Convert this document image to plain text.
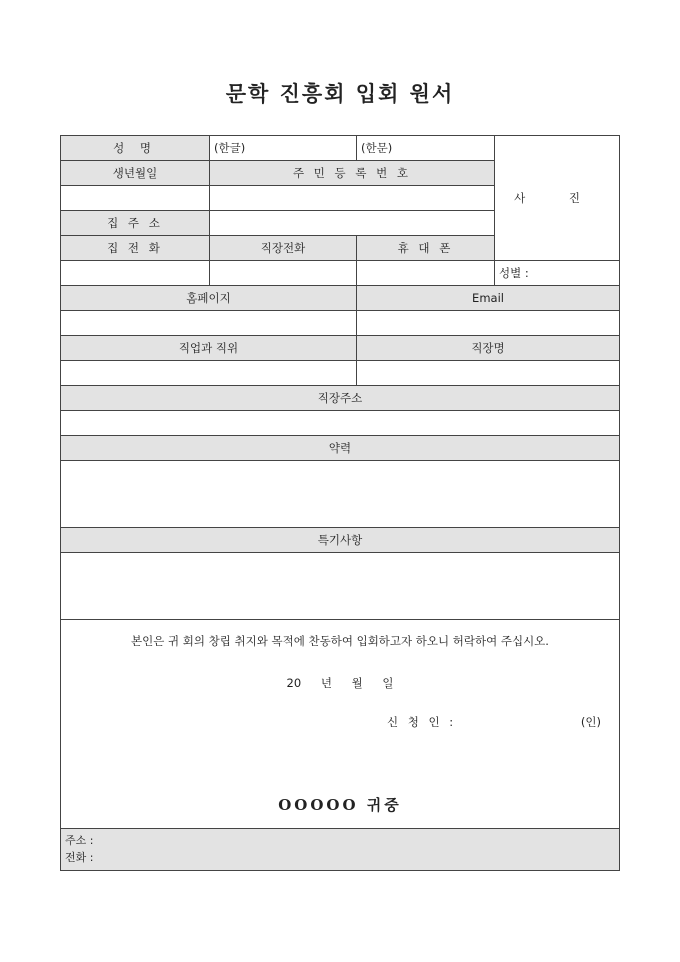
문학 진흥회 입회 원서
성 명	(한글)	(한문)	사 진
생년월일	주 민 등 록 번 호		

집 주 소			
집 전 화	직장전화	휴 대 폰	
			성별 :
홈페이지		Email	

직업과 직위		직장명	

직장주소			

약력			

특기사항			

본인은 귀 회의 창립 취지와 목적에 찬동하여 입회하고자 하오니 허락하여 주십시오.
20 년 월 일
신 청 인 : (인)
OOOOO 귀중			

주소 :
전화 :			
